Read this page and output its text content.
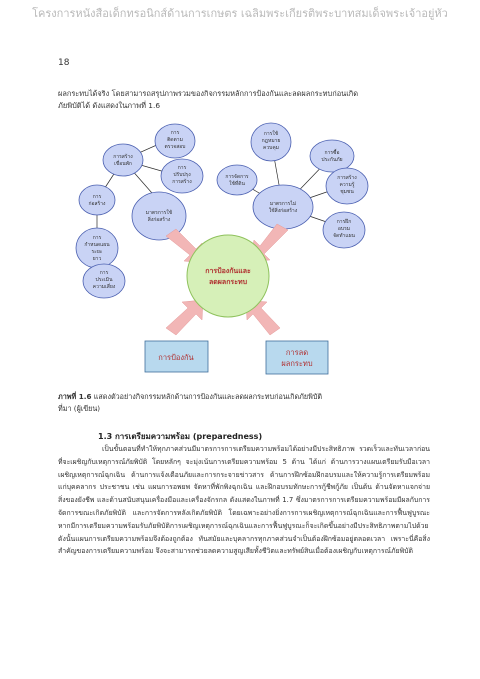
โครงการหนังสือเด็กทรอนิกส์ด้านการเกษตร เฉลิมพระเกียรติพระบาทสมเด็จพระเจ้าอยู่หัว
18

ผลกระทบได้จริง โดยสามารถสรุปภาพรวมของกิจกรรมหลักการป้องกันและลดผลกระทบก่อนเกิด

ภัยพิบัติได้ ดังแสดงในภาพที่ 1.6

การติดตามตรวจสอบ
การสร้างเขื่อนพัก
การปรับปรุงการสร้าง
การก่อสร้าง
มาตรการใช้สิ่งก่อสร้าง
การกำหนดแผนระยะยาว
การประเมินความเสี่ยง
การใช้กฎหมายควบคุม
การซื้อประกันภัย
การจัดการใช้ที่ดิน
การสร้างความรู้ชุมชน
มาตรการไม่ใช้สิ่งก่อสร้าง
การฝึกอบรมจัดทำแผน
การป้องกันและลดผลกระทบ
การป้องกัน
การลดผลกระทบ
ภาพที่ 1.6 แสดงตัวอย่างกิจกรรมหลักด้านการป้องกันและลดผลกระทบก่อนเกิดภัยพิบัติ
ที่มา (ผู้เขียน)
1.3 การเตรียมความพร้อม (preparedness)

เป็นขั้นตอนที่ทำให้ทุกภาคส่วนมีมาตรการการเตรียมความพร้อมได้อย่างมีประสิทธิภาพ รวดเร็วและทันเวลาก่อนที่จะเผชิญกับเหตุการณ์ภัยพิบัติ โดยหลักๆ จะมุ่งเน้นการเตรียมความพร้อม 5 ด้าน ได้แก่ ด้านการวางแผนเตรียมรับมือเวลาเผชิญเหตุการณ์ฉุกเฉิน ด้านการแจ้งเตือนภัยและการกระจายข่าวสาร ด้านการฝึกซ้อมฝึกอบรมและให้ความรู้การเตรียมพร้อมแก่บุคคลากร ประชาชน เช่น แผนการอพยพ จัดหาที่พักพิงฉุกเฉิน และฝึกอบรมทักษะการกู้ชีพกู้ภัย เป็นต้น ด้านจัดหาแจกจ่ายสิ่งของยังชีพ และด้านสนับสนุนเครื่องมือและเครื่องจักรกล ดังแสดงในภาพที่ 1.7 ซึ่งมาตรการการเตรียมความพร้อมมีผลกับการจัดการขณะเกิดภัยพิบัติ และการจัดการหลังเกิดภัยพิบัติ โดยเฉพาะอย่างยิ่งการการเผชิญเหตุการณ์ฉุกเฉินและการฟื้นฟูบูรณะ หากมีการเตรียมความพร้อมรับภัยพิบัติการเผชิญเหตุการณ์ฉุกเฉินและการฟื้นฟูบูรณะก็จะเกิดขึ้นอย่างมีประสิทธิภาพตามไปด้วย ดังนั้นแผนการเตรียมความพร้อมจึงต้องถูกต้อง ทันสมัยและบุคลากรทุกภาคส่วนจำเป็นต้องฝึกซ้อมอยู่ตลอดเวลา เพราะนี่คือสิ่งสำคัญของการเตรียมความพร้อม จึงจะสามารถช่วยลดความสูญเสียทั้งชีวิตและทรัพย์สินเมื่อต้องเผชิญกับเหตุการณ์ภัยพิบัติ
